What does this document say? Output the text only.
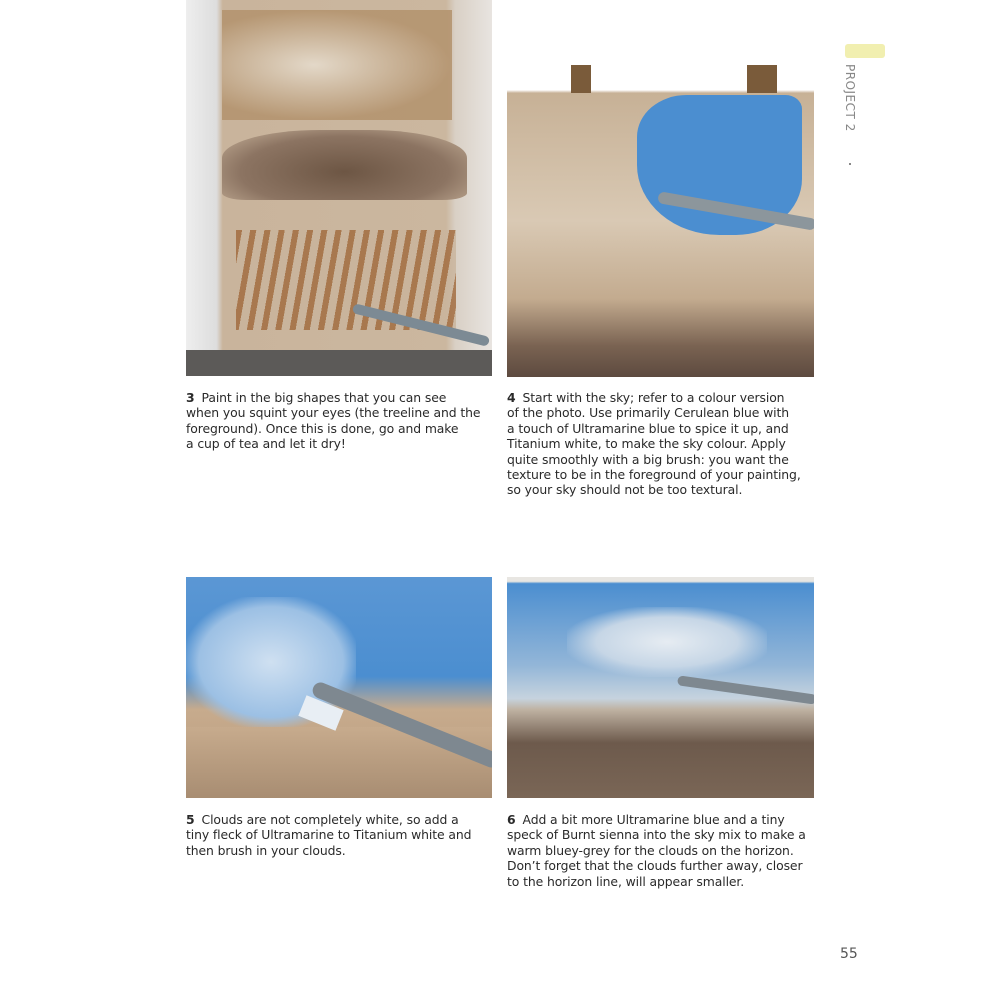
PROJECT 2
3 Paint in the big shapes that you can see
when you squint your eyes (the treeline and the
foreground). Once this is done, go and make
a cup of tea and let it dry!
4 Start with the sky; refer to a colour version
of the photo. Use primarily Cerulean blue with
a touch of Ultramarine blue to spice it up, and
Titanium white, to make the sky colour. Apply
quite smoothly with a big brush: you want the
texture to be in the foreground of your painting,
so your sky should not be too textural.
5 Clouds are not completely white, so add a
tiny fleck of Ultramarine to Titanium white and
then brush in your clouds.
6 Add a bit more Ultramarine blue and a tiny
speck of Burnt sienna into the sky mix to make a
warm bluey-grey for the clouds on the horizon.
Don’t forget that the clouds further away, closer
to the horizon line, will appear smaller.
55
